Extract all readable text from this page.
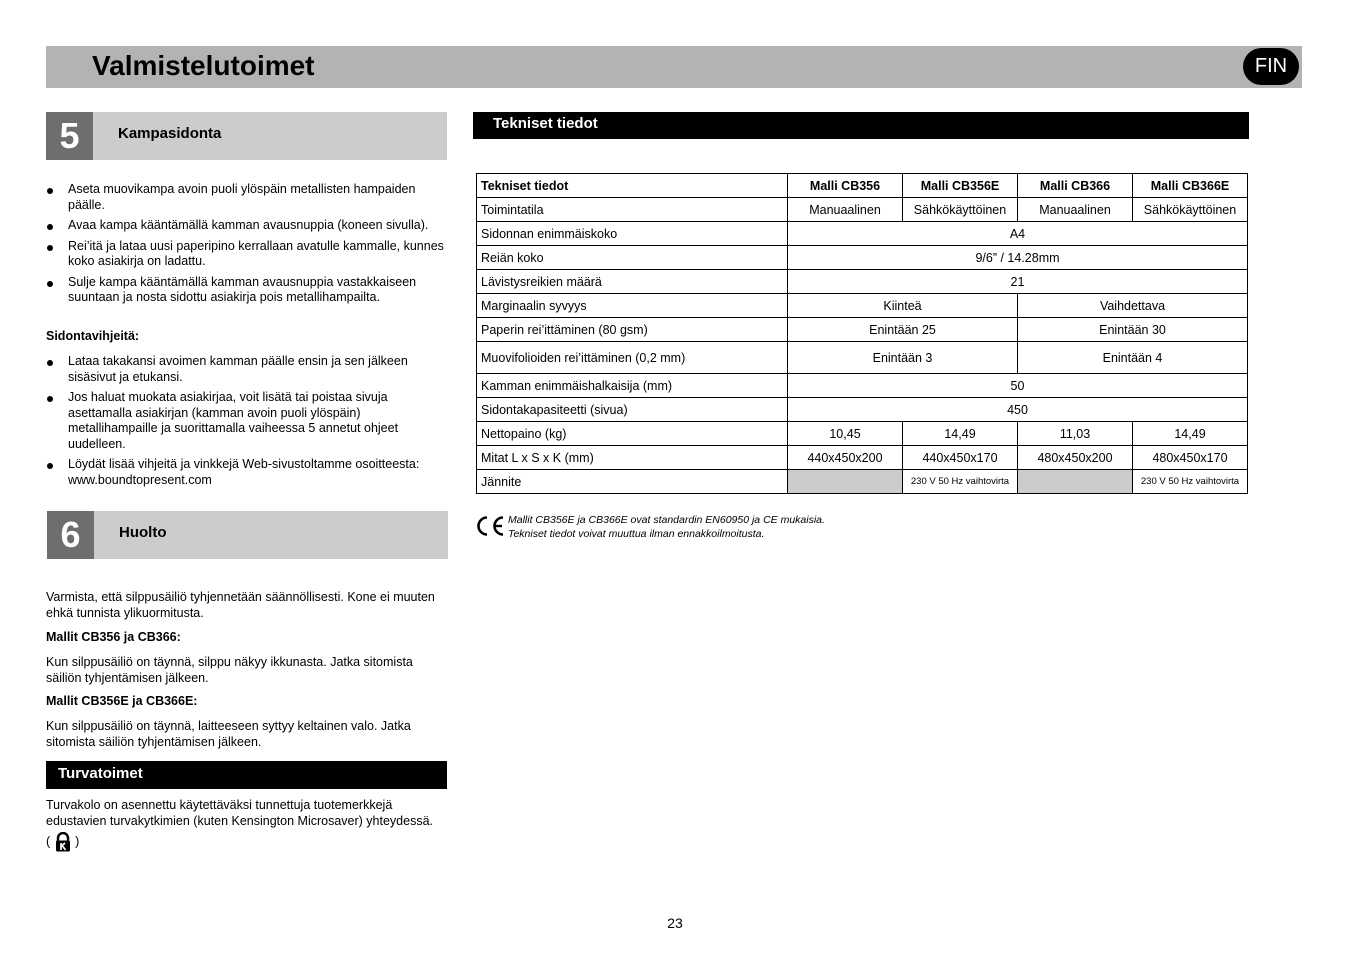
Valmistelutoimet	FIN
5	Kampasidonta
Aseta muovikampa avoin puoli ylöspäin metallisten hampaiden päälle.
Avaa kampa kääntämällä kamman avausnuppia (koneen sivulla).
Rei’itä ja lataa uusi paperipino kerrallaan avatulle kammalle, kunnes koko asiakirja on ladattu.
Sulje kampa kääntämällä kamman avausnuppia vastakkaiseen suuntaan ja nosta sidottu asiakirja pois metallihampailta.
Sidontavihjeitä:
Lataa takakansi avoimen kamman päälle ensin ja sen jälkeen sisäsivut ja etukansi.
Jos haluat muokata asiakirjaa, voit lisätä tai poistaa sivuja asettamalla asiakirjan (kamman avoin puoli ylöspäin) metallihampaille ja suorittamalla vaiheessa 5 annetut ohjeet uudelleen.
Löydät lisää vihjeitä ja vinkkejä Web-sivustoltamme osoitteesta: www.boundtopresent.com
6	Huolto
Varmista, että silppusäiliö tyhjennetään säännöllisesti. Kone ei muuten ehkä tunnista ylikuormitusta.
Mallit CB356 ja CB366:
Kun silppusäiliö on täynnä, silppu näkyy ikkunasta. Jatka sitomista säiliön tyhjentämisen jälkeen.
Mallit CB356E ja CB366E:
Kun silppusäiliö on täynnä, laitteeseen syttyy keltainen valo. Jatka sitomista säiliön tyhjentämisen jälkeen.
Turvatoimet
Turvakolo on asennettu käytettäväksi tunnettuja tuotemerkkejä edustavien turvakytkimien (kuten Kensington Microsaver) yhteydessä.
( )
Tekniset tiedot
Tekniset tiedot	Malli CB356	Malli CB356E	Malli CB366	Malli CB366E
Toimintatila	Manuaalinen	Sähkökäyttöinen	Manuaalinen	Sähkökäyttöinen
Sidonnan enimmäiskoko	A4			
Reiän koko	9/6” / 14.28mm			
Lävistysreikien määrä	21			
Marginaalin syvyys	Kiinteä		Vaihdettava	
Paperin rei’ittäminen (80 gsm)	Enintään 25		Enintään 30	
Muovifolioiden rei’ittäminen (0,2 mm)	Enintään 3		Enintään 4	
Kamman enimmäishalkaisija (mm)	50			
Sidontakapasiteetti (sivua)	450			
Nettopaino (kg)	10,45	14,49	11,03	14,49
Mitat L x S x K (mm)	440x450x200	440x450x170	480x450x200	480x450x170
Jännite		230 V 50 Hz vaihtovirta		230 V 50 Hz vaihtovirta
Mallit CB356E ja CB366E ovat standardin EN60950 ja CE mukaisia.
Tekniset tiedot voivat muuttua ilman ennakkoilmoitusta.
23
